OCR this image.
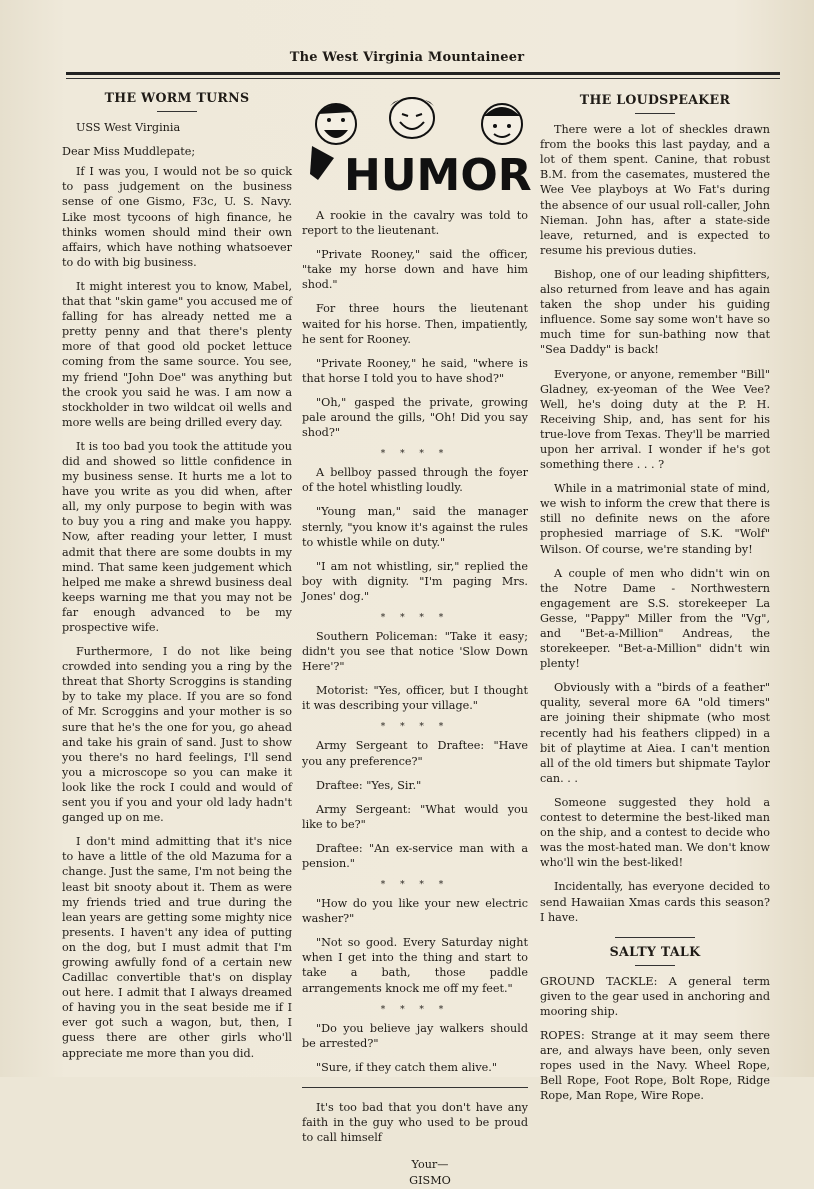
The West Virginia Mountaineer
THE WORM TURNS

USS West Virginia

Dear Miss Muddlepate;

If I was you, I would not be so quick to pass judgement on the business sense of one Gismo, F3c, U. S. Navy. Like most tycoons of high finance, he thinks women should mind their own affairs, which have nothing whatsoever to do with big business.

It might interest you to know, Mabel, that that "skin game" you accused me of falling for has already netted me a pretty penny and that there's plenty more of that good old pocket lettuce coming from the same source. You see, my friend "John Doe" was anything but the crook you said he was. I am now a stockholder in two wildcat oil wells and more wells are being drilled every day.

It is too bad you took the attitude you did and showed so little confidence in my business sense. It hurts me a lot to have you write as you did when, after all, my only purpose to begin with was to buy you a ring and make you happy. Now, after reading your letter, I must admit that there are some doubts in my mind. That same keen judgement which helped me make a shrewd business deal keeps warning me that you may not be far enough advanced to be my prospective wife.

Furthermore, I do not like being crowded into sending you a ring by the threat that Shorty Scroggins is standing by to take my place. If you are so fond of Mr. Scroggins and your mother is so sure that he's the one for you, go ahead and take his grain of sand. Just to show you there's no hard feelings, I'll send you a microscope so you can make it look like the rock I could and would of sent you if you and your old lady hadn't ganged up on me.

I don't mind admitting that it's nice to have a little of the old Mazuma for a change. Just the same, I'm not being the least bit snooty about it. Them as were my friends tried and true during the lean years are getting some mighty nice presents. I haven't any idea of putting on the dog, but I must admit that I'm growing awfully fond of a certain new Cadillac convertible that's on display out here. I admit that I always dreamed of having you in the seat beside me if I ever got such a wagon, but, then, I guess there are other girls who'll appreciate me more than you did.

HUMOR

A rookie in the cavalry was told to report to the lieutenant.

"Private Rooney," said the officer, "take my horse down and have him shod."

For three hours the lieutenant waited for his horse. Then, impatiently, he sent for Rooney.

"Private Rooney," he said, "where is that horse I told you to have shod?"

"Oh," gasped the private, growing pale around the gills, "Oh! Did you say shod?"

* * * *

A bellboy passed through the foyer of the hotel whistling loudly.

"Young man," said the manager sternly, "you know it's against the rules to whistle while on duty."

"I am not whistling, sir," replied the boy with dignity. "I'm paging Mrs. Jones' dog."

* * * *

Southern Policeman: "Take it easy; didn't you see that notice 'Slow Down Here'?"

Motorist: "Yes, officer, but I thought it was describing your village."

* * * *

Army Sergeant to Draftee: "Have you any preference?"

Draftee: "Yes, Sir."

Army Sergeant: "What would you like to be?"

Draftee: "An ex-service man with a pension."

* * * *

"How do you like your new electric washer?"

"Not so good. Every Saturday night when I get into the thing and start to take a bath, those paddle arrangements knock me off my feet."

* * * *

"Do you believe jay walkers should be arrested?"

"Sure, if they catch them alive."

It's too bad that you don't have any faith in the guy who used to be proud to call himself

Your—
GISMO
THE LOUDSPEAKER

There were a lot of sheckles drawn from the books this last payday, and a lot of them spent. Canine, that robust B.M. from the casemates, mustered the Wee Vee playboys at Wo Fat's during the absence of our usual roll-caller, John Nieman. John has, after a state-side leave, returned, and is expected to resume his previous duties.

Bishop, one of our leading shipfitters, also returned from leave and has again taken the shop under his guiding influence. Some say some won't have so much time for sun-bathing now that "Sea Daddy" is back!

Everyone, or anyone, remember "Bill" Gladney, ex-yeoman of the Wee Vee? Well, he's doing duty at the P. H. Receiving Ship, and, has sent for his true-love from Texas. They'll be married upon her arrival. I wonder if he's got something there . . . ?

While in a matrimonial state of mind, we wish to inform the crew that there is still no definite news on the afore prophesied marriage of S.K. "Wolf" Wilson. Of course, we're standing by!

A couple of men who didn't win on the Notre Dame - Northwestern engagement are S.S. storekeeper La Gesse, "Pappy" Miller from the "Vg", and "Bet-a-Million" Andreas, the storekeeper. "Bet-a-Million" didn't win plenty!

Obviously with a "birds of a feather" quality, several more 6A "old timers" are joining their shipmate (who most recently had his feathers clipped) in a bit of playtime at Aiea. I can't mention all of the old timers but shipmate Taylor can. . .

Someone suggested they hold a contest to determine the best-liked man on the ship, and a contest to decide who was the most-hated man. We don't know who'll win the best-liked!

Incidentally, has everyone decided to send Hawaiian Xmas cards this season? I have.

SALTY TALK

GROUND TACKLE: A general term given to the gear used in anchoring and mooring ship.

ROPES: Strange at it may seem there are, and always have been, only seven ropes used in the Navy. Wheel Rope, Bell Rope, Foot Rope, Bolt Rope, Ridge Rope, Man Rope, Wire Rope.
